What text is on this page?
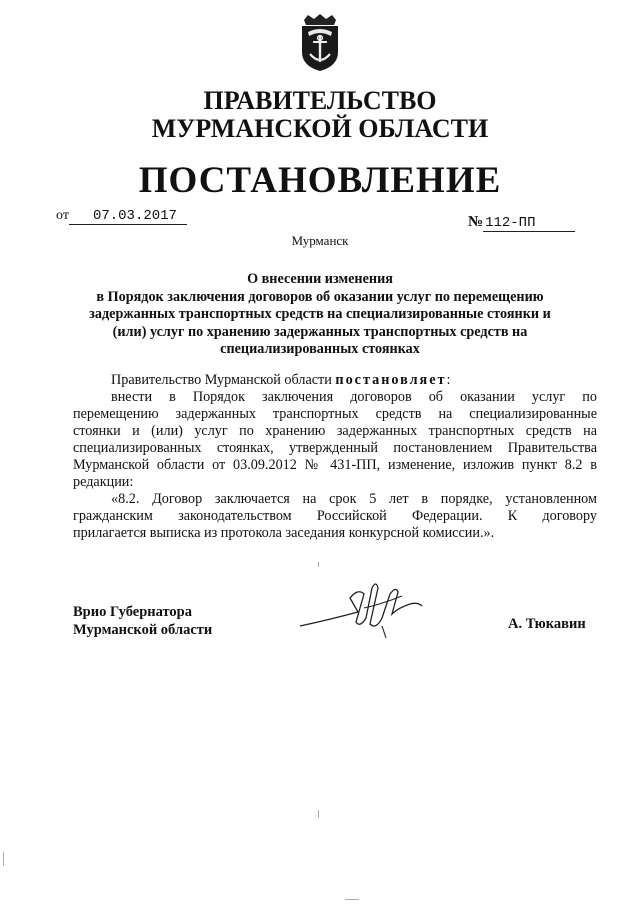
ПРАВИТЕЛЬСТВО
МУРМАНСКОЙ ОБЛАСТИ
ПОСТАНОВЛЕНИЕ
от 07.03.2017	№ 112-ПП
Мурманск
О внесении изменения
в Порядок заключения договоров об оказании услуг по перемещению
задержанных транспортных средств на специализированные стоянки и
(или) услуг по хранению задержанных транспортных средств на
специализированных стоянках
Правительство Мурманской области постановляет:
внести в Порядок заключения договоров об оказании услуг по
перемещению задержанных транспортных средств на специализированные
стоянки и (или) услуг по хранению задержанных транспортных средств на
специализированных стоянках, утвержденный постановлением Правительства
Мурманской области от 03.09.2012 № 431-ПП, изменение, изложив пункт 8.2 в
редакции:
«8.2. Договор заключается на срок 5 лет в порядке, установленном
гражданским законодательством Российской Федерации. К договору
прилагается выписка из протокола заседания конкурсной комиссии.».
Врио Губернатора
Мурманской области	А. Тюкавин
